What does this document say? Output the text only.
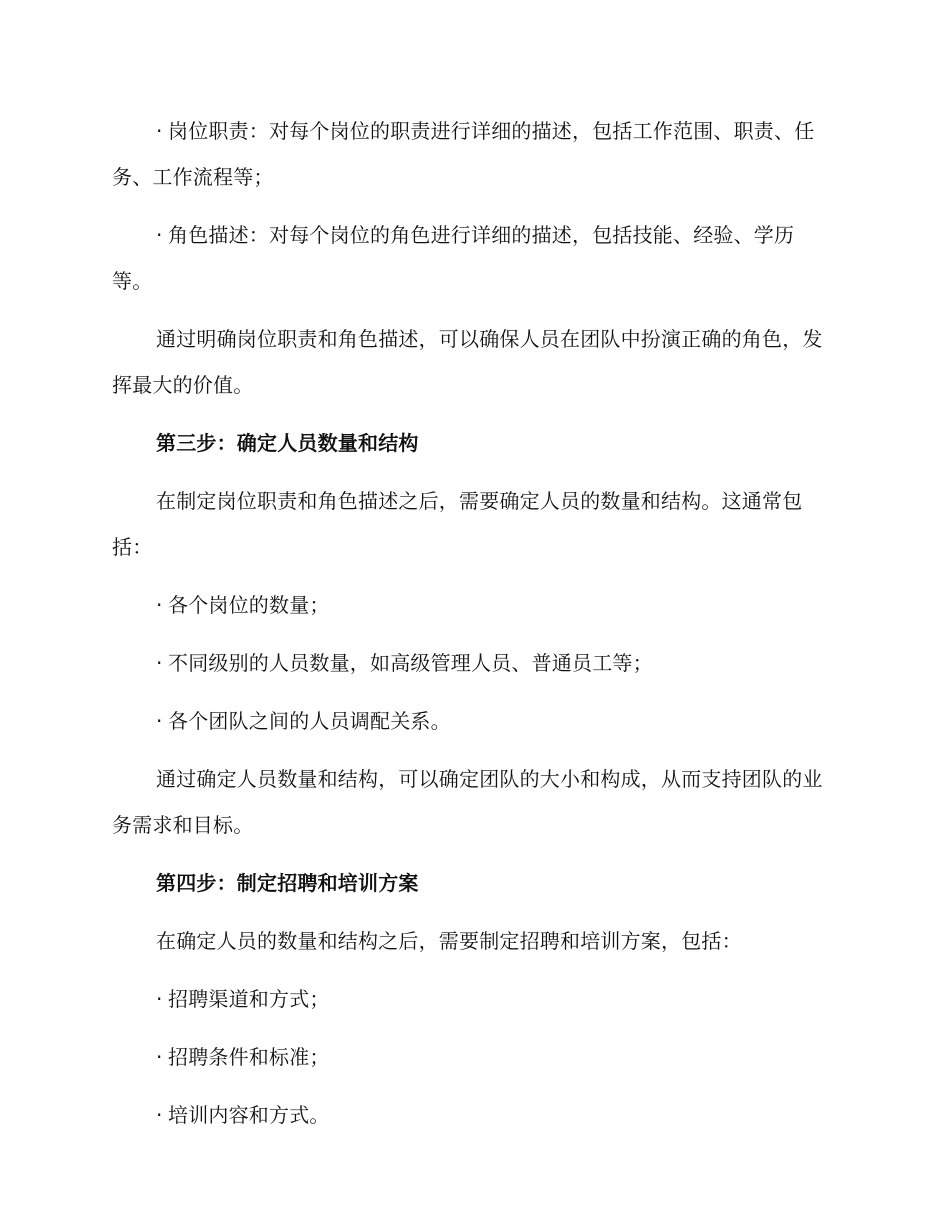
· 岗位职责：对每个岗位的职责进行详细的描述，包括工作范围、职责、任务、工作流程等；

· 角色描述：对每个岗位的角色进行详细的描述，包括技能、经验、学历等。

通过明确岗位职责和角色描述，可以确保人员在团队中扮演正确的角色，发挥最大的价值。

第三步：确定人员数量和结构

在制定岗位职责和角色描述之后，需要确定人员的数量和结构。这通常包括：

· 各个岗位的数量；

· 不同级别的人员数量，如高级管理人员、普通员工等；

· 各个团队之间的人员调配关系。

通过确定人员数量和结构，可以确定团队的大小和构成，从而支持团队的业务需求和目标。

第四步：制定招聘和培训方案

在确定人员的数量和结构之后，需要制定招聘和培训方案，包括：

· 招聘渠道和方式；

· 招聘条件和标准；

· 培训内容和方式。
